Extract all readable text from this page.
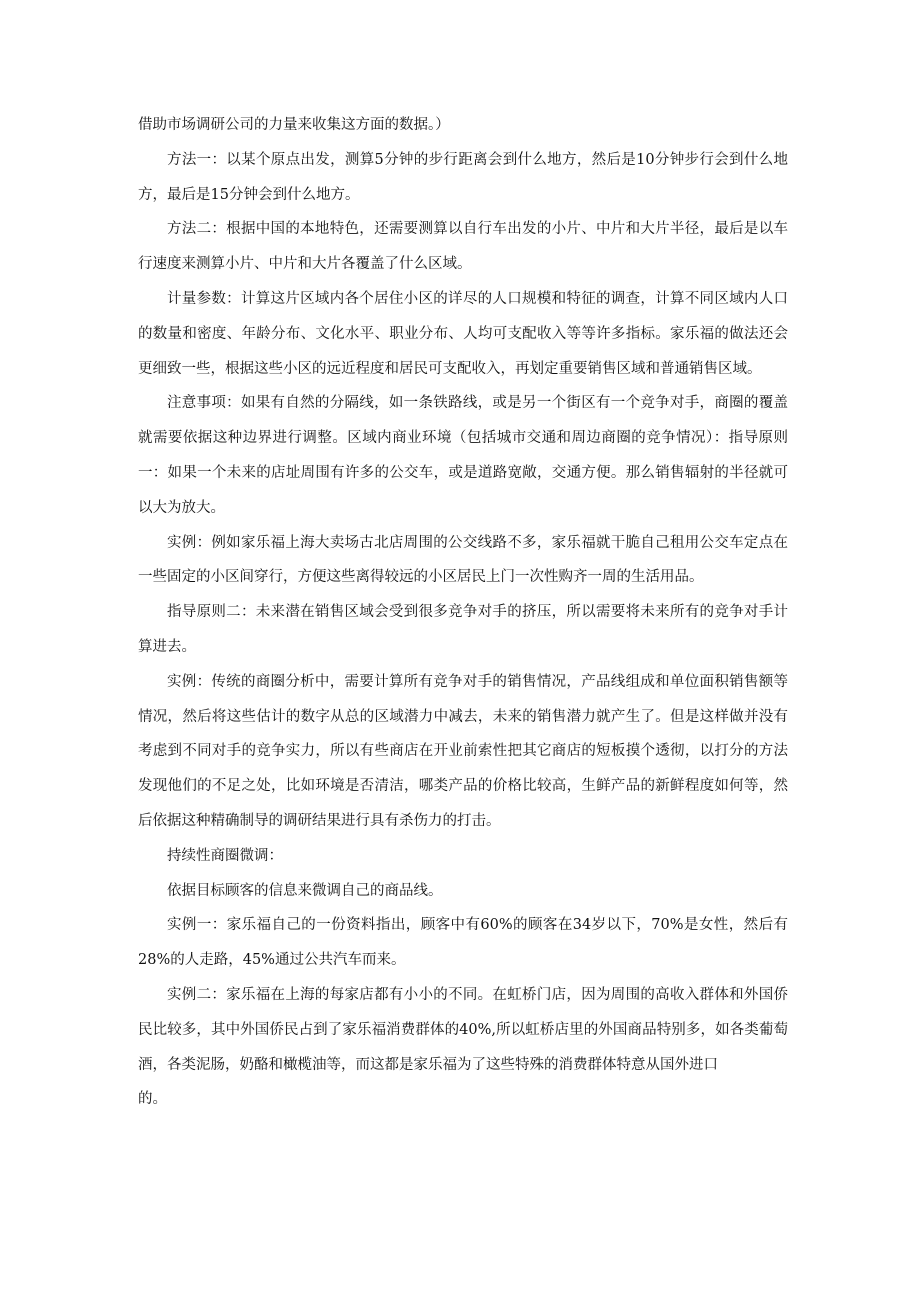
借助市场调研公司的力量来收集这方面的数据。）

方法一：以某个原点出发，测算5分钟的步行距离会到什么地方，然后是10分钟步行会到什么地方，最后是15分钟会到什么地方。

方法二：根据中国的本地特色，还需要测算以自行车出发的小片、中片和大片半径，最后是以车行速度来测算小片、中片和大片各覆盖了什么区域。

计量参数：计算这片区域内各个居住小区的详尽的人口规模和特征的调查，计算不同区域内人口的数量和密度、年龄分布、文化水平、职业分布、人均可支配收入等等许多指标。家乐福的做法还会更细致一些，根据这些小区的远近程度和居民可支配收入，再划定重要销售区域和普通销售区域。

注意事项：如果有自然的分隔线，如一条铁路线，或是另一个街区有一个竞争对手，商圈的覆盖就需要依据这种边界进行调整。区域内商业环境（包括城市交通和周边商圈的竞争情况）：指导原则一：如果一个未来的店址周围有许多的公交车，或是道路宽敞，交通方便。那么销售辐射的半径就可以大为放大。

实例：例如家乐福上海大卖场古北店周围的公交线路不多，家乐福就干脆自己租用公交车定点在一些固定的小区间穿行，方便这些离得较远的小区居民上门一次性购齐一周的生活用品。

指导原则二：未来潜在销售区域会受到很多竞争对手的挤压，所以需要将未来所有的竞争对手计算进去。

实例：传统的商圈分析中，需要计算所有竞争对手的销售情况，产品线组成和单位面积销售额等情况，然后将这些估计的数字从总的区域潜力中减去，未来的销售潜力就产生了。但是这样做并没有考虑到不同对手的竞争实力，所以有些商店在开业前索性把其它商店的短板摸个透彻，以打分的方法发现他们的不足之处，比如环境是否清洁，哪类产品的价格比较高，生鲜产品的新鲜程度如何等，然后依据这种精确制导的调研结果进行具有杀伤力的打击。

持续性商圈微调：

依据目标顾客的信息来微调自己的商品线。

实例一：家乐福自己的一份资料指出，顾客中有60%的顾客在34岁以下，70%是女性，然后有28%的人走路，45%通过公共汽车而来。

实例二：家乐福在上海的每家店都有小小的不同。在虹桥门店，因为周围的高收入群体和外国侨民比较多，其中外国侨民占到了家乐福消费群体的40%,所以虹桥店里的外国商品特别多，如各类葡萄酒，各类泥肠，奶酪和橄榄油等，而这都是家乐福为了这些特殊的消费群体特意从国外进口

的。
